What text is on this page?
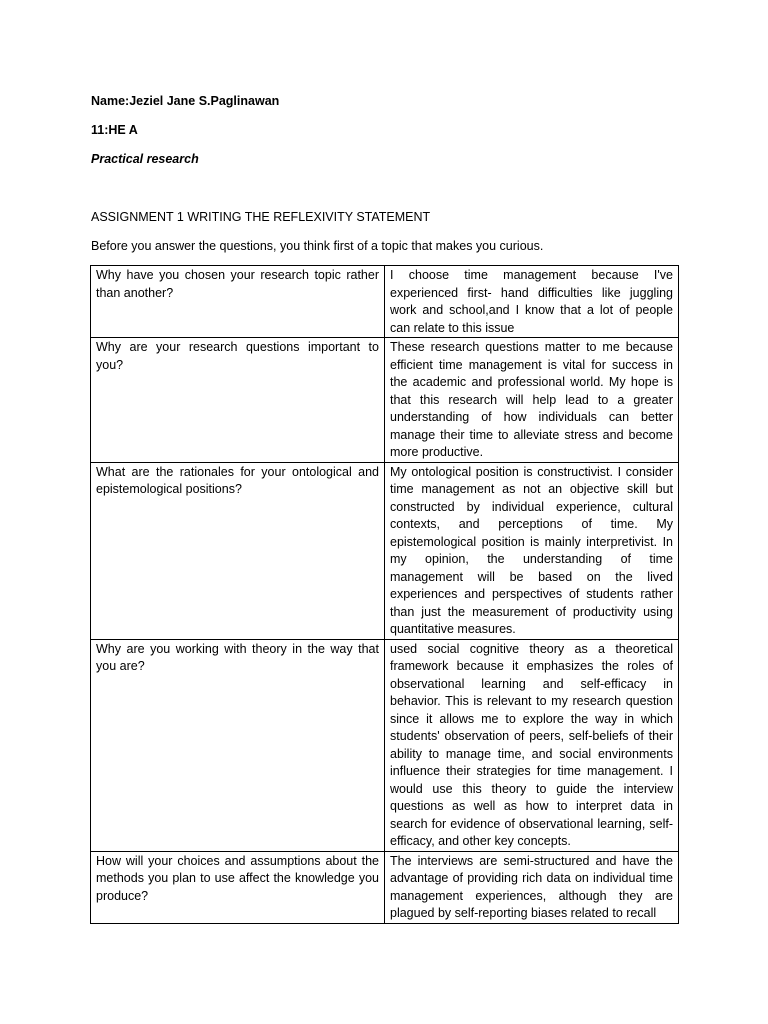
Name:Jeziel Jane S.Paglinawan
11:HE A
Practical research
ASSIGNMENT 1 WRITING THE REFLEXIVITY STATEMENT
Before you answer the questions, you think first of a topic that makes you curious.
Why have you chosen your research topic rather than another?	I choose time management because I've experienced first- hand difficulties like juggling work and school,and I know that a lot of people can relate to this issue
Why are your research questions important to you?	These research questions matter to me because efficient time management is vital for success in the academic and professional world. My hope is that this research will help lead to a greater understanding of how individuals can better manage their time to alleviate stress and become more productive.
What are the rationales for your ontological and epistemological positions?	My ontological position is constructivist. I consider time management as not an objective skill but constructed by individual experience, cultural contexts, and perceptions of time. My epistemological position is mainly interpretivist. In my opinion, the understanding of time management will be based on the lived experiences and perspectives of students rather than just the measurement of productivity using quantitative measures.
Why are you working with theory in the way that you are?	used social cognitive theory as a theoretical framework because it emphasizes the roles of observational learning and self-efficacy in behavior. This is relevant to my research question since it allows me to explore the way in which students' observation of peers, self-beliefs of their ability to manage time, and social environments influence their strategies for time management. I would use this theory to guide the interview questions as well as how to interpret data in search for evidence of observational learning, self-efficacy, and other key concepts.
How will your choices and assumptions about the methods you plan to use affect the knowledge you produce?	The interviews are semi-structured and have the advantage of providing rich data on individual time management experiences, although they are plagued by self-reporting biases related to recall
